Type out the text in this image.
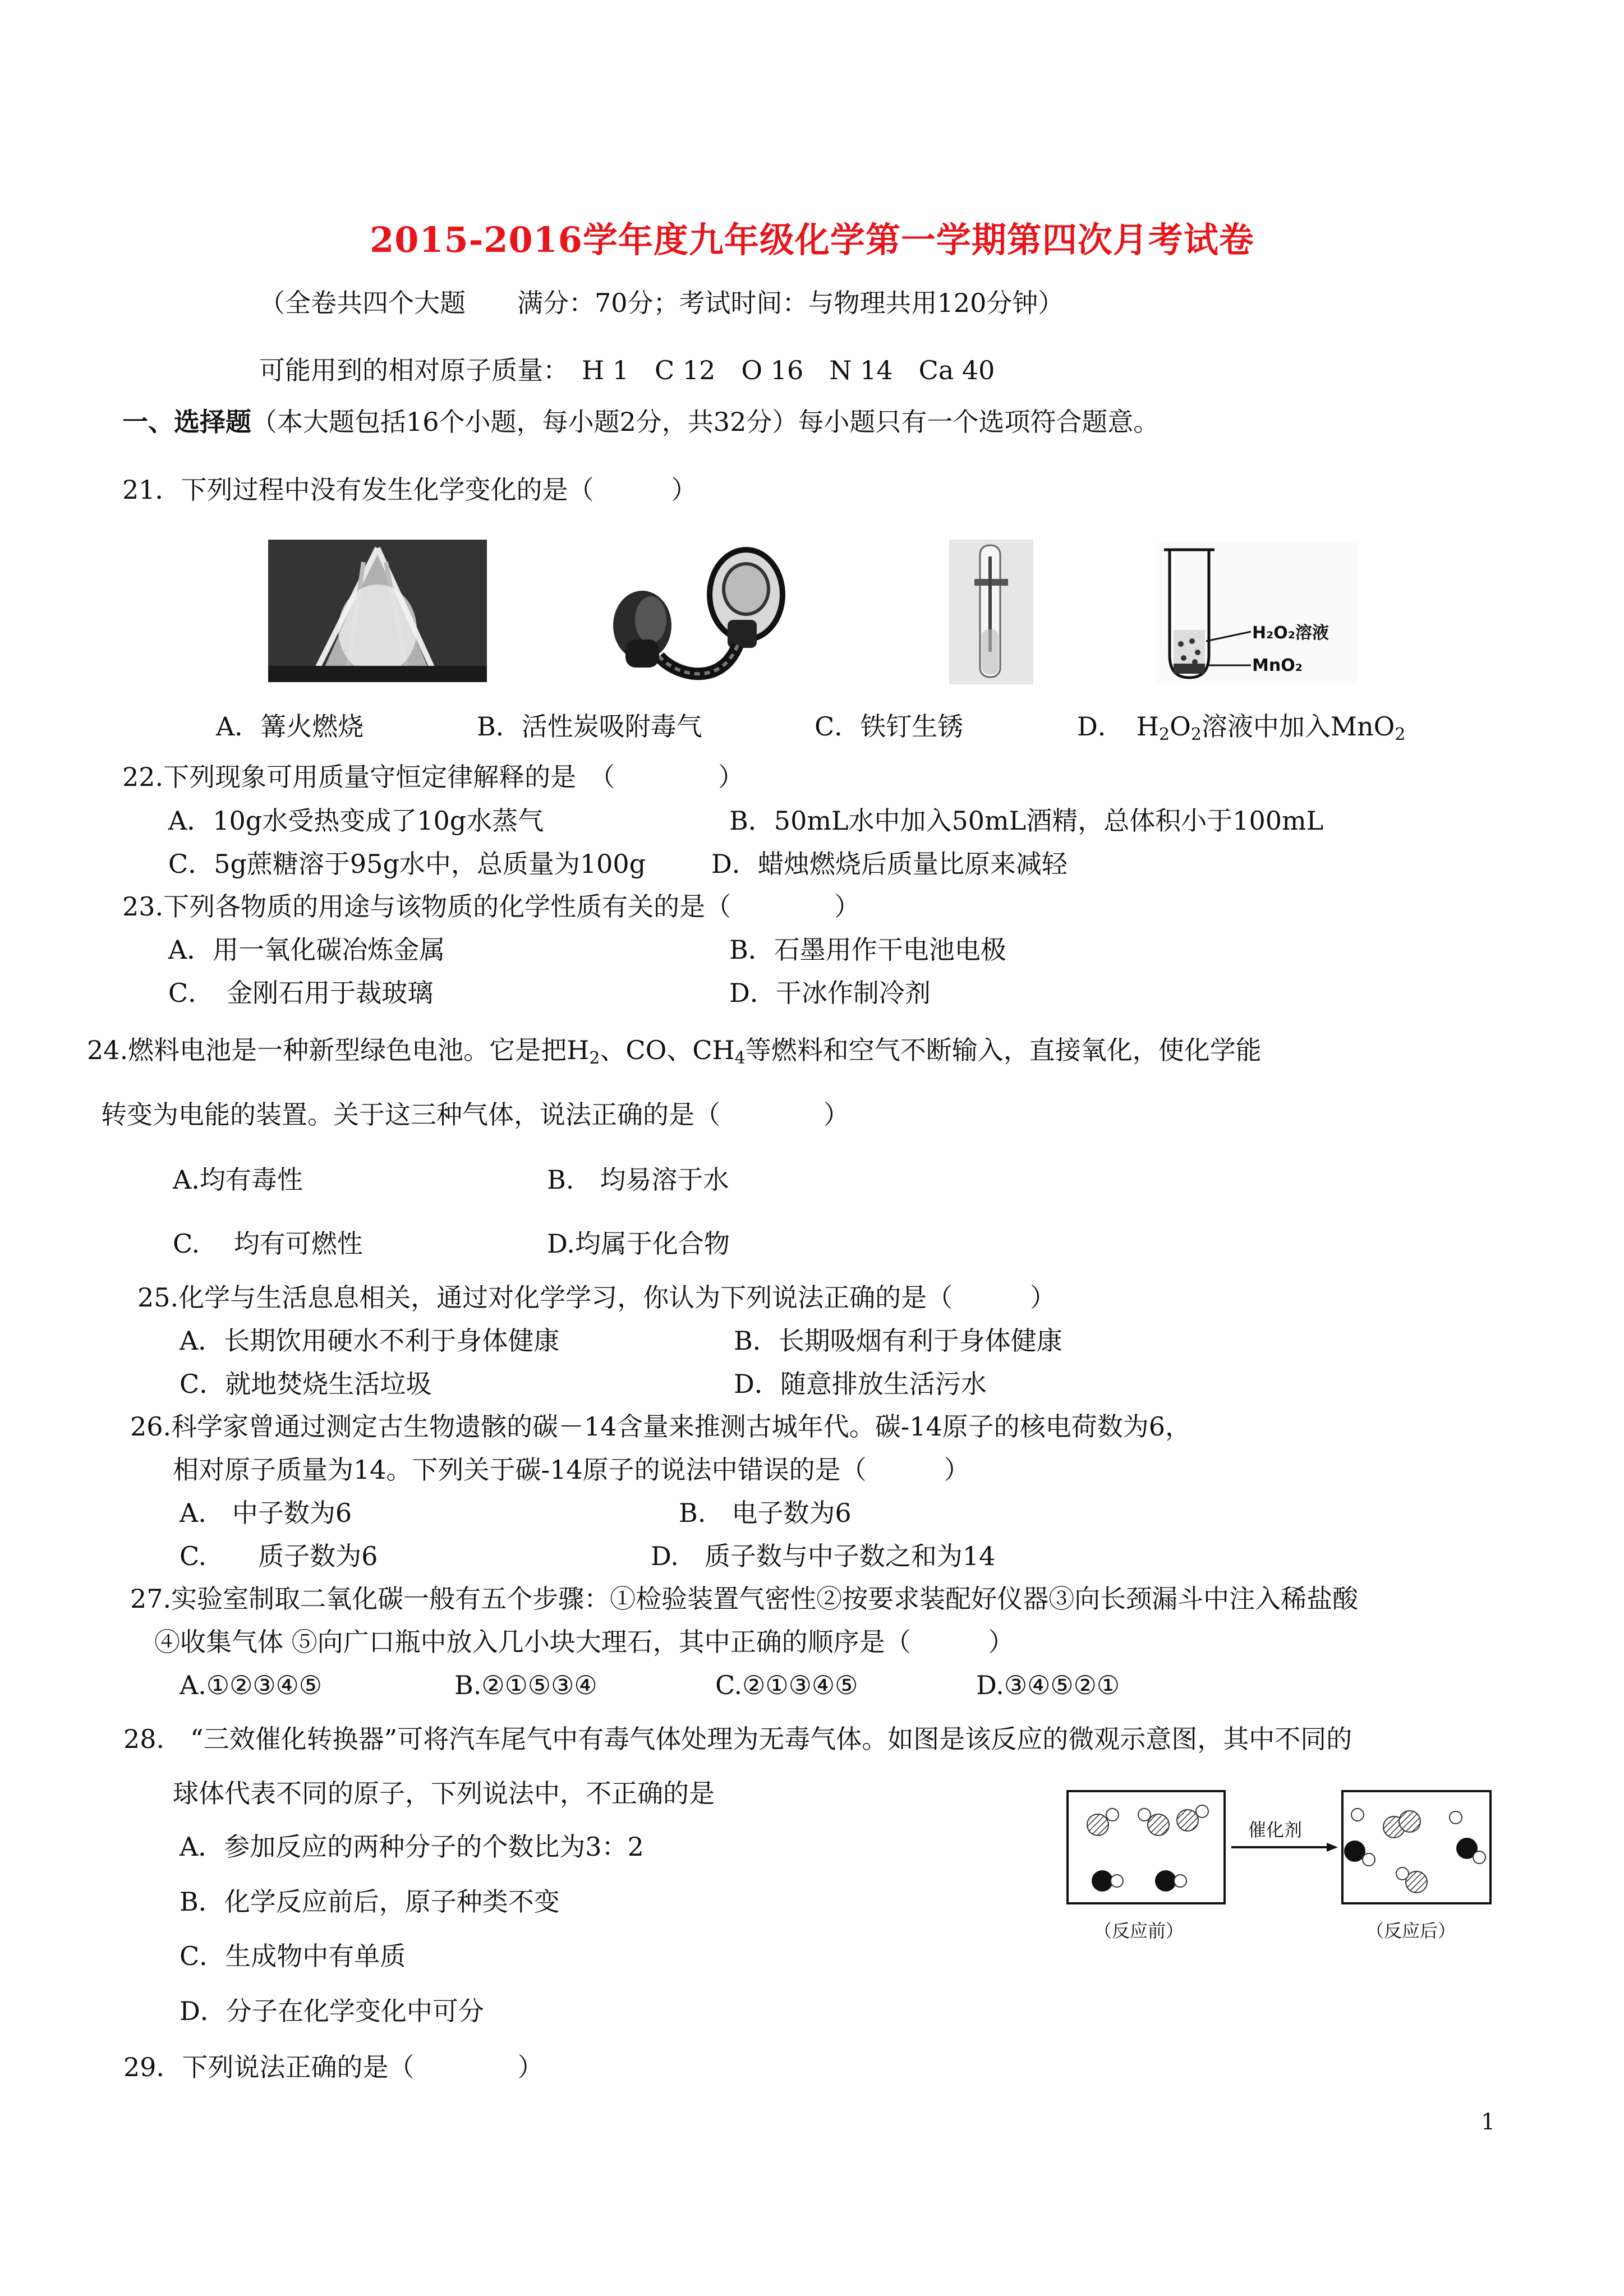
2015-2016学年度九年级化学第一学期第四次月考试卷
（全卷共四个大题　　满分：70分；考试时间：与物理共用120分钟）
可能用到的相对原子质量：　H 1　C 12　O 16　N 14　Ca 40
一、选择题（本大题包括16个小题，每小题2分，共32分）每小题只有一个选项符合题意。
21．下列过程中没有发生化学变化的是（　　　）
H₂O₂溶液
MnO₂
A．篝火燃烧	B．活性炭吸附毒气	C．铁钉生锈	D．　$H_2O_2$溶液中加入MnO$_2$
22.下列现象可用质量守恒定律解释的是　（　　　　）
A．10g水受热变成了10g水蒸气	B．50mL水中加入50mL酒精，总体积小于100mL
C．5g蔗糖溶于95g水中，总质量为100g	D．蜡烛燃烧后质量比原来减轻
23.下列各物质的用途与该物质的化学性质有关的是（　　　　）
A．用一氧化碳冶炼金属	B．石墨用作干电池电极
C．　金刚石用于裁玻璃	D．干冰作制冷剂
24.燃料电池是一种新型绿色电池。它是把$H_2$、CO、$CH_4$等燃料和空气不断输入，直接氧化，使化学能
转变为电能的装置。关于这三种气体，说法正确的是（　　　　）
A.均有毒性	B.　均易溶于水
C.　 均有可燃性	D.均属于化合物
25.化学与生活息息相关，通过对化学学习，你认为下列说法正确的是（　　　）
A．长期饮用硬水不利于身体健康	B．长期吸烟有利于身体健康
C．就地焚烧生活垃圾	D．随意排放生活污水
26.科学家曾通过测定古生物遗骸的碳－14含量来推测古城年代。碳-14原子的核电荷数为6，
相对原子质量为14。下列关于碳-14原子的说法中错误的是（　　　）
A.　中子数为6	B.　电子数为6
C.　　质子数为6	D.　质子数与中子数之和为14
27.实验室制取二氧化碳一般有五个步骤：①检验装置气密性②按要求装配好仪器③向长颈漏斗中注入稀盐酸
④收集气体 ⑤向广口瓶中放入几小块大理石，其中正确的顺序是（　　　）
A.①②③④⑤	B.②①⑤③④	C.②①③④⑤	D.③④⑤②①
28.　“三效催化转换器”可将汽车尾气中有毒气体处理为无毒气体。如图是该反应的微观示意图，其中不同的
球体代表不同的原子，下列说法中，不正确的是
A．参加反应的两种分子的个数比为3：2
B．化学反应前后，原子种类不变
C．生成物中有单质
D．分子在化学变化中可分
催化剂
（反应前）	（反应后）
29．下列说法正确的是（　　　　）
1
